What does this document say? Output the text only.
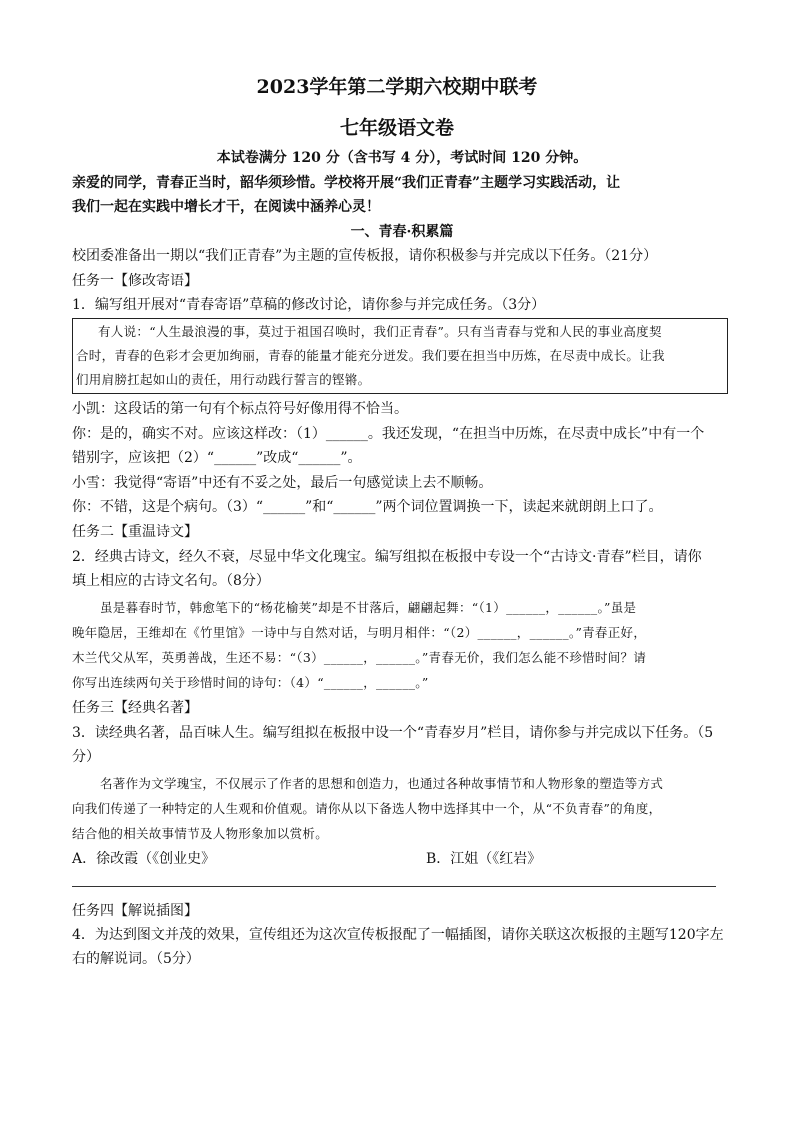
2023学年第二学期六校期中联考
七年级语文卷
本试卷满分 120 分（含书写 4 分），考试时间 120 分钟。
亲爱的同学，青春正当时，韶华须珍惜。学校将开展“我们正青春”主题学习实践活动，让
我们一起在实践中增长才干，在阅读中涵养心灵！
一、青春·积累篇
校团委准备出一期以“我们正青春”为主题的宣传板报，请你积极参与并完成以下任务。（21分）
任务一【修改寄语】
1．编写组开展对“青春寄语”草稿的修改讨论，请你参与并完成任务。（3分）
有人说：“人生最浪漫的事，莫过于祖国召唤时，我们正青春”。只有当青春与党和人民的事业高度契
合时，青春的色彩才会更加绚丽，青春的能量才能充分迸发。我们要在担当中历炼，在尽责中成长。让我
们用肩膀扛起如山的责任，用行动践行誓言的铿锵。
小凯：这段话的第一句有个标点符号好像用得不恰当。
你：是的，确实不对。应该这样改：（1）______。我还发现，“在担当中历炼，在尽责中成长”中有一个
错别字，应该把（2）“______”改成“______”。
小雪：我觉得“寄语”中还有不妥之处，最后一句感觉读上去不顺畅。
你：不错，这是个病句。（3）“______”和“______”两个词位置调换一下，读起来就朗朗上口了。
任务二【重温诗文】
2．经典古诗文，经久不衰，尽显中华文化瑰宝。编写组拟在板报中专设一个“古诗文·青春”栏目，请你
填上相应的古诗文名句。（8分）
虽是暮春时节，韩愈笔下的“杨花榆荚”却是不甘落后，翩翩起舞：“（1）______，______。”虽是
晚年隐居，王维却在《竹里馆》一诗中与自然对话，与明月相伴：“（2）______，______。”青春正好，
木兰代父从军，英勇善战，生还不易：“（3）______，______。”青春无价，我们怎么能不珍惜时间？请
你写出连续两句关于珍惜时间的诗句：（4）“______，______。”
任务三【经典名著】
3．读经典名著，品百味人生。编写组拟在板报中设一个“青春岁月”栏目，请你参与并完成以下任务。（5
分）
名著作为文学瑰宝，不仅展示了作者的思想和创造力，也通过各种故事情节和人物形象的塑造等方式
向我们传递了一种特定的人生观和价值观。请你从以下备选人物中选择其中一个，从“不负青春”的角度，
结合他的相关故事情节及人物形象加以赏析。
A．徐改霞（《创业史》	B．江姐（《红岩》
任务四【解说插图】
4．为达到图文并茂的效果，宣传组还为这次宣传板报配了一幅插图，请你关联这次板报的主题写120字左
右的解说词。（5分）
